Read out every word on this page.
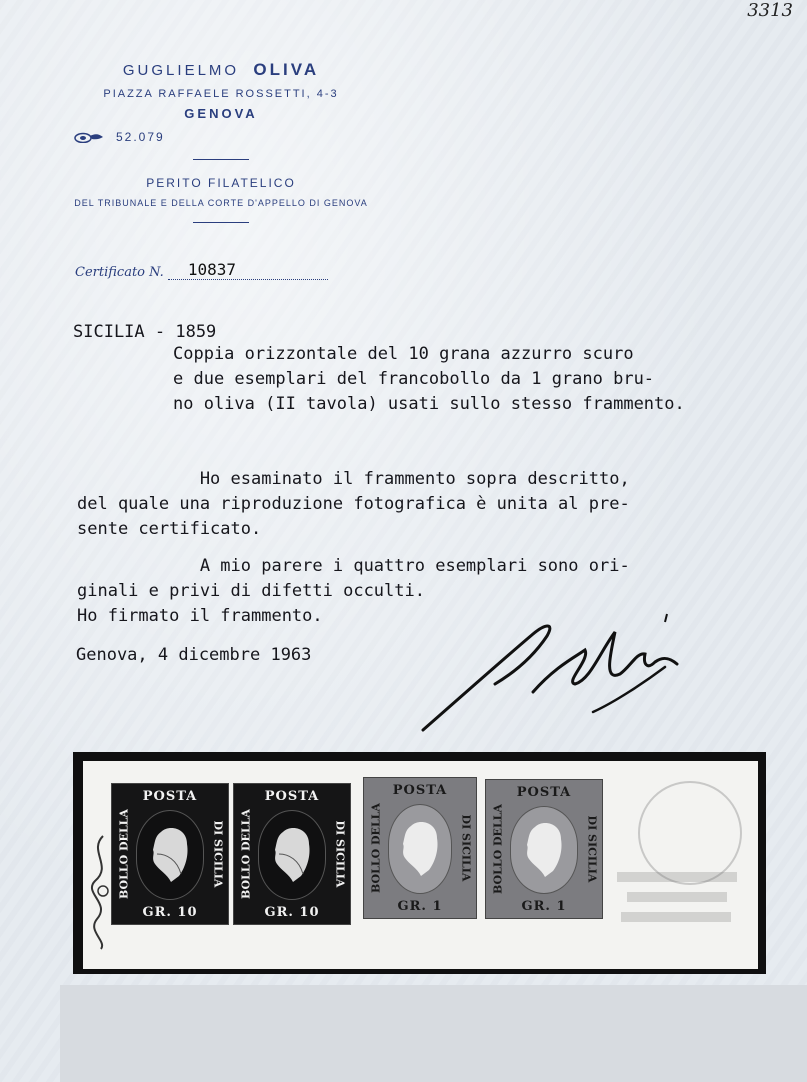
3313
GUGLIELMO OLIVA
PIAZZA RAFFAELE ROSSETTI, 4-3
GENOVA
52.079
PERITO FILATELICO
DEL TRIBUNALE E DELLA CORTE D'APPELLO DI GENOVA
Certificato N.	10837
SICILIA - 1859
Coppia orizzontale del 10 grana azzurro scuro
e due esemplari del francobollo da 1 grano bru-
no oliva (II tavola) usati sullo stesso frammento.
Ho esaminato il frammento sopra descritto,
del quale una riproduzione fotografica è unita al pre-
sente certificato.
A mio parere i quattro esemplari sono ori-
ginali e privi di difetti occulti.
Ho firmato il frammento.
Genova, 4 dicembre 1963
POSTA
BOLLO DELLA	DI SICILIA
GR. 10
POSTA
BOLLO DELLA	DI SICILIA
GR. 10
POSTA
BOLLO DELLA	DI SICILIA
GR. 1
POSTA
BOLLO DELLA	DI SICILIA
GR. 1
